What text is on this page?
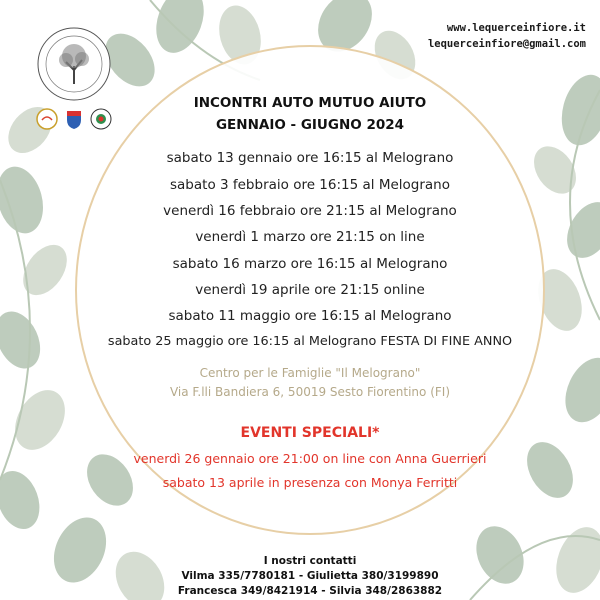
www.lequerceinfiore.it
lequerceinfiore@gmail.com
INCONTRI AUTO MUTUO AIUTO
GENNAIO - GIUGNO 2024
sabato 13 gennaio ore 16:15 al Melograno
sabato 3 febbraio ore 16:15 al Melograno
venerdì 16 febbraio ore 21:15 al Melograno
venerdì 1 marzo ore 21:15 on line
sabato 16 marzo ore 16:15 al Melograno
venerdì 19 aprile ore 21:15 online
sabato 11 maggio ore 16:15 al Melograno
sabato 25 maggio ore 16:15 al Melograno FESTA DI FINE ANNO
Centro per le Famiglie "Il Melograno"
Via F.lli Bandiera 6, 50019 Sesto Fiorentino (FI)
EVENTI SPECIALI*
venerdì 26 gennaio ore 21:00 on line con Anna Guerrieri
sabato 13 aprile in presenza con Monya Ferritti
I nostri contatti
Vilma 335/7780181 - Giulietta 380/3199890
Francesca 349/8421914 - Silvia 348/2863882
